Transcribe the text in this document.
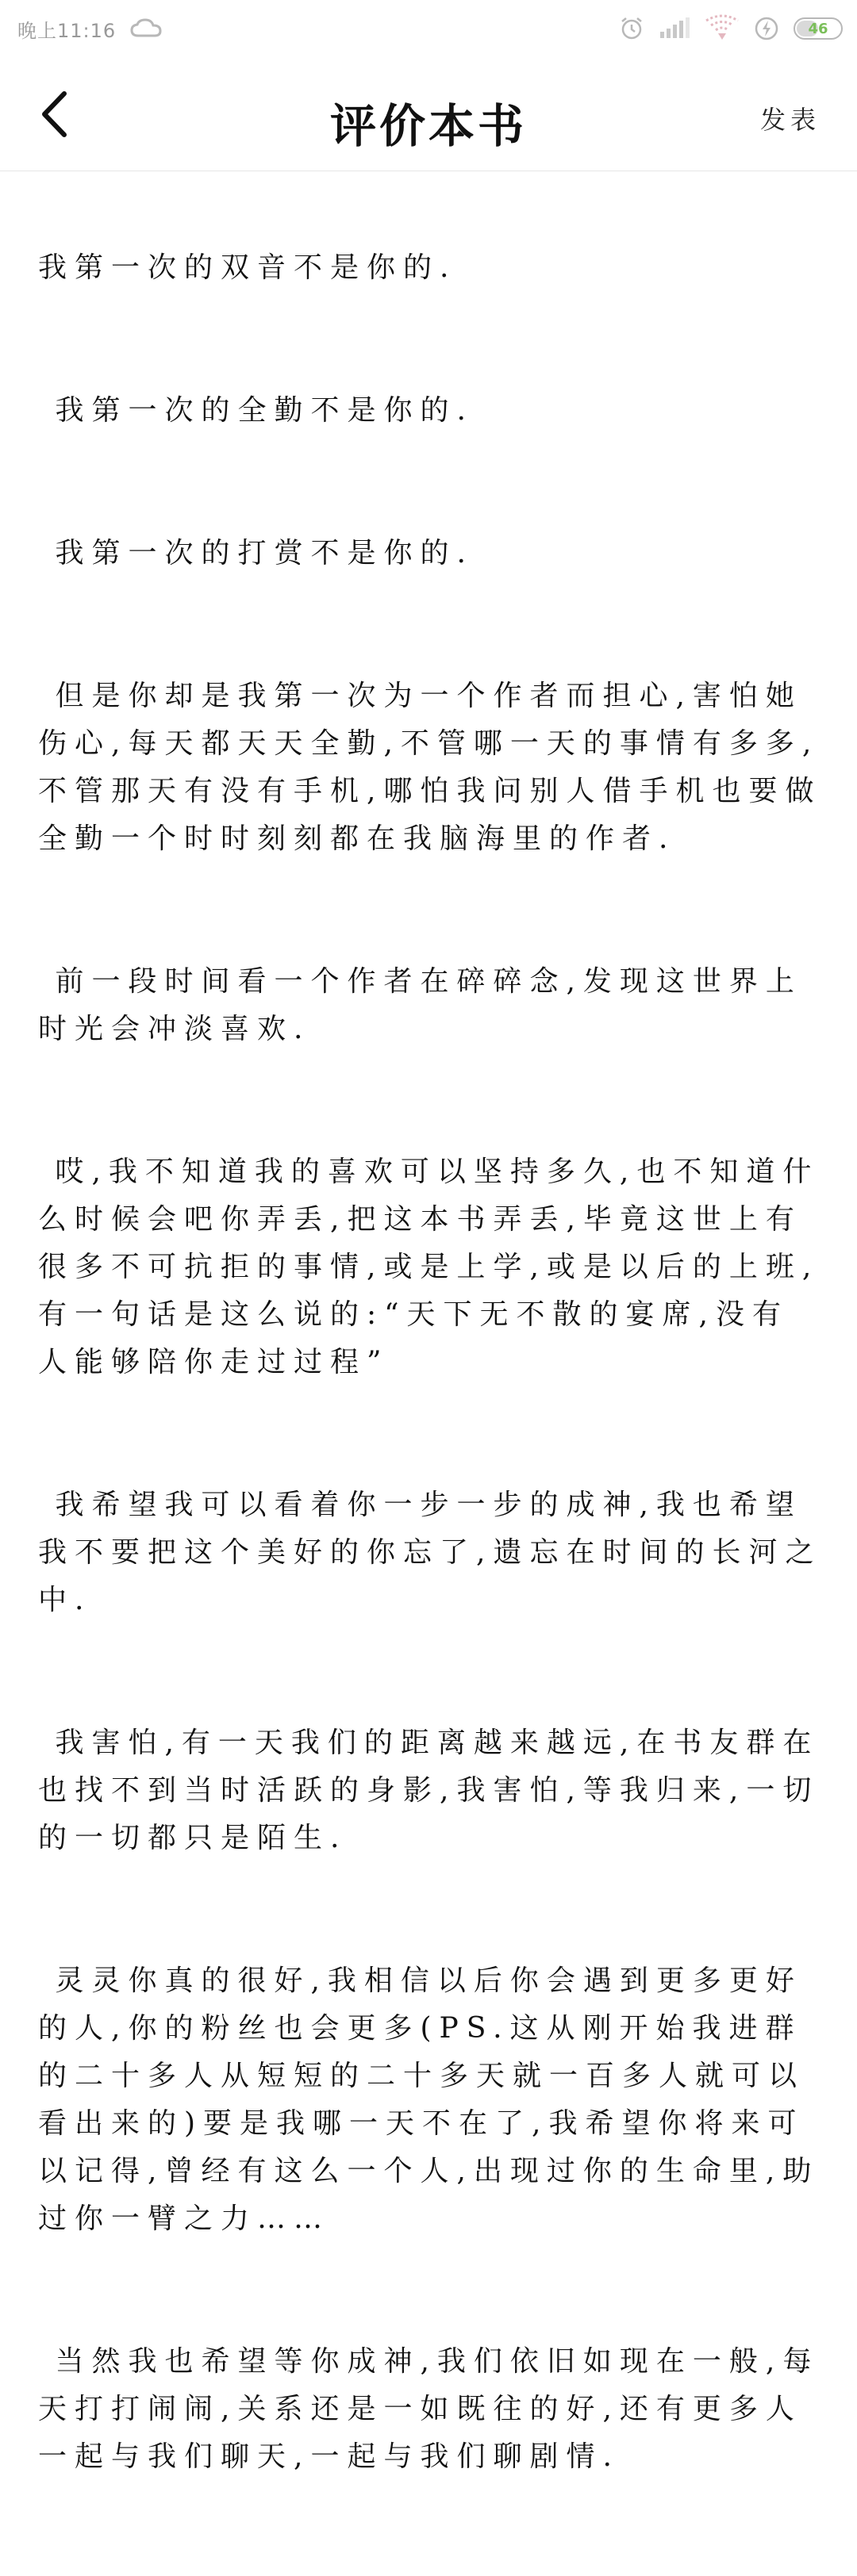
晚上11:16	46
评价本书	发表

我第一次的双音不是你的.

我第一次的全勤不是你的.

我第一次的打赏不是你的.

但是你却是我第一次为一个作者而担心,害怕她伤心,每天都天天全勤,不管哪一天的事情有多多,不管那天有没有手机,哪怕我问别人借手机也要做全勤一个时时刻刻都在我脑海里的作者.

前一段时间看一个作者在碎碎念,发现这世界上时光会冲淡喜欢.

哎,我不知道我的喜欢可以坚持多久,也不知道什么时候会吧你弄丢,把这本书弄丢,毕竟这世上有很多不可抗拒的事情,或是上学,或是以后的上班,有一句话是这么说的:“天下无不散的宴席,没有人能够陪你走过过程”

我希望我可以看着你一步一步的成神,我也希望我不要把这个美好的你忘了,遗忘在时间的长河之中.

我害怕,有一天我们的距离越来越远,在书友群在也找不到当时活跃的身影,我害怕,等我归来,一切的一切都只是陌生.

灵灵你真的很好,我相信以后你会遇到更多更好的人,你的粉丝也会更多(PS.这从刚开始我进群的二十多人从短短的二十多天就一百多人就可以看出来的)要是我哪一天不在了,我希望你将来可以记得,曾经有这么一个人,出现过你的生命里,助过你一臂之力……

当然我也希望等你成神,我们依旧如现在一般,每天打打闹闹,关系还是一如既往的好,还有更多人一起与我们聊天,一起与我们聊剧情.
